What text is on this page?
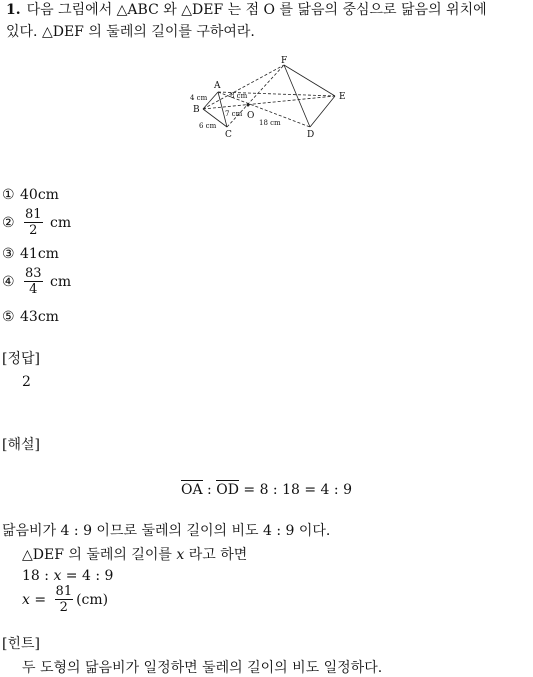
1. 다음 그림에서 △ABC 와 △DEF 는 점 O 를 닮음의 중심으로 닮음의 위치에
있다. △DEF 의 둘레의 길이를 구하여라.
A
B
C	D
E
F
O
4 cm
6 cm
8 cm
7 cm
18 cm
① 40cm
② $\frac{81}{2}$ cm
③ 41cm
④ $\frac{83}{4}$ cm
⑤ 43cm
[정답]
2
[해설]
OA : OD = 8 : 18 = 4 : 9
닮음비가 4 : 9 이므로 둘레의 길이의 비도 4 : 9 이다.
△DEF 의 둘레의 길이를 x 라고 하면
18 : x = 4 : 9
$x = \frac{81}{2} (cm)$
[힌트]
두 도형의 닮음비가 일정하면 둘레의 길이의 비도 일정하다.
